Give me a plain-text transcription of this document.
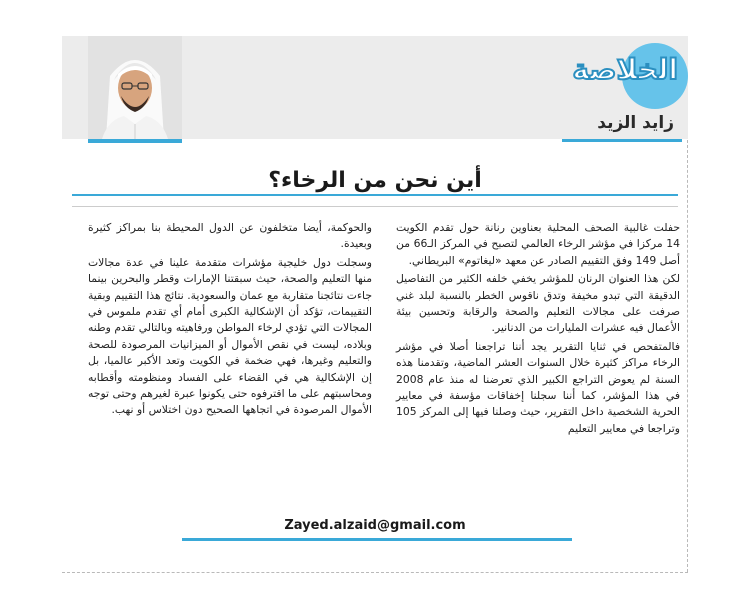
الخلاصة
زايد الزيد
أين نحن من الرخاء؟

حفلت غالبية الصحف المحلية بعناوين رنانة حول تقدم الكويت 14 مركزا في مؤشر الرخاء العالمي لتصبح في المركز الـ66 من أصل 149 وفق التقييم الصادر عن معهد «ليغاتوم» البريطاني.

لكن هذا العنوان الرنان للمؤشر يخفي خلفه الكثير من التفاصيل الدقيقة التي تبدو مخيفة وتدق ناقوس الخطر بالنسبة لبلد غني صرفت على مجالات التعليم والصحة والرقابة وتحسين بيئة الأعمال فيه عشرات المليارات من الدنانير.

فالمتفحص في ثنايا التقرير يجد أننا تراجعنا أصلا في مؤشر الرخاء مراكز كثيرة خلال السنوات العشر الماضية، وتقدمنا هذه السنة لم يعوض التراجع الكبير الذي تعرضنا له منذ عام 2008 في هذا المؤشر، كما أننا سجلنا إخفاقات مؤسفة في معايير الحرية الشخصية داخل التقرير، حيث وصلنا فيها إلى المركز 105 وتراجعا في معايير التعليم

والحوكمة، أيضا متخلفون عن الدول المحيطة بنا بمراكز كثيرة وبعيدة.

وسجلت دول خليجية مؤشرات متقدمة علينا في عدة مجالات منها التعليم والصحة، حيث سبقتنا الإمارات وقطر والبحرين بينما جاءت نتائجنا متقاربة مع عمان والسعودية. نتائج هذا التقييم وبقية التقييمات، تؤكد أن الإشكالية الكبرى أمام أي تقدم ملموس في المجالات التي تؤدي لرخاء المواطن ورفاهيته وبالتالي تقدم وطنه وبلاده، ليست في نقص الأموال أو الميزانيات المرصودة للصحة والتعليم وغيرها، فهي ضخمة في الكويت وتعد الأكبر عالميا، بل إن الإشكالية هي في القضاء على الفساد ومنظومته وأقطابه ومحاسبتهم على ما اقترفوه حتى يكونوا عبرة لغيرهم وحتى توجه الأموال المرصودة في اتجاهها الصحيح دون اختلاس أو نهب.

Zayed.alzaid@gmail.com
